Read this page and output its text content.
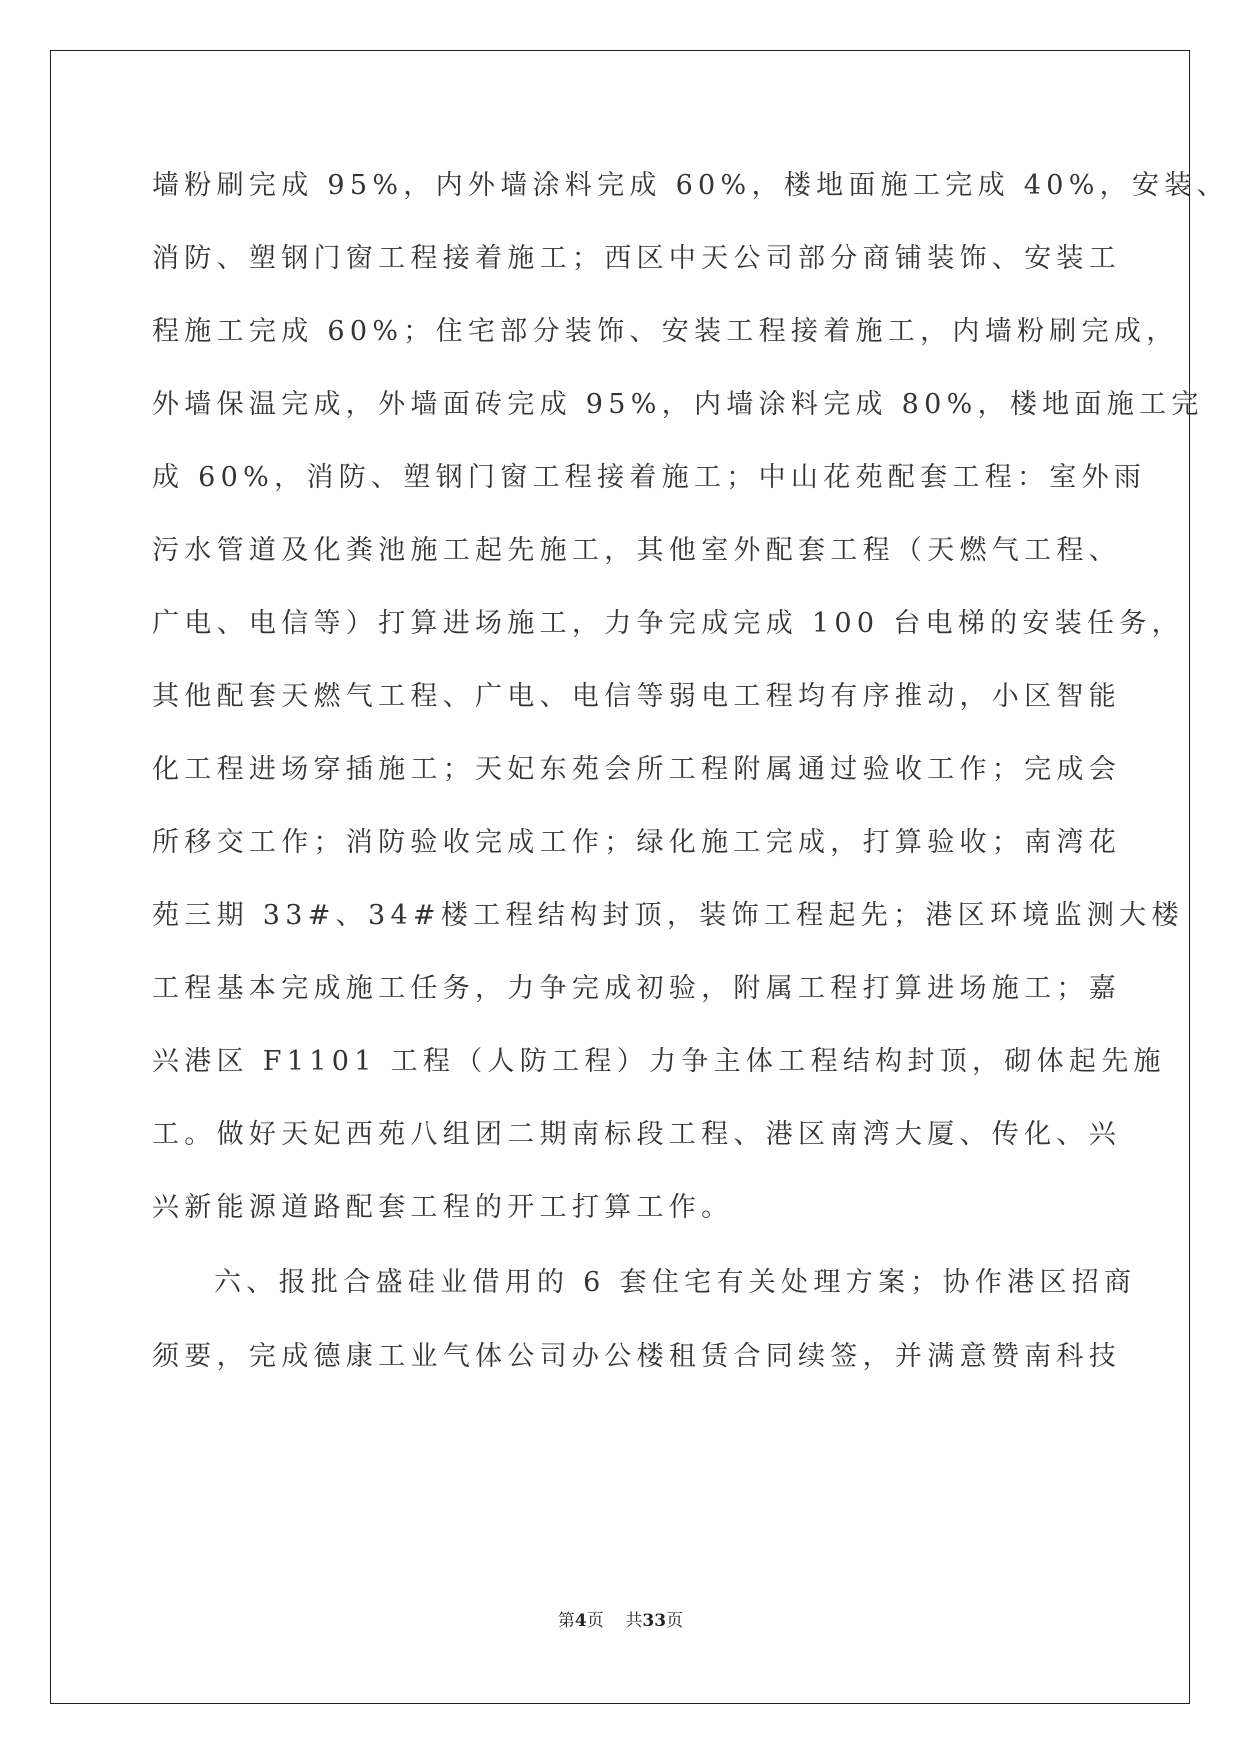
墙粉刷完成 95%，内外墙涂料完成 60%，楼地面施工完成 40%，安装、
消防、塑钢门窗工程接着施工；西区中天公司部分商铺装饰、安装工
程施工完成 60%；住宅部分装饰、安装工程接着施工，内墙粉刷完成，
外墙保温完成，外墙面砖完成 95%，内墙涂料完成 80%，楼地面施工完
成 60%，消防、塑钢门窗工程接着施工；中山花苑配套工程：室外雨
污水管道及化粪池施工起先施工，其他室外配套工程（天燃气工程、
广电、电信等）打算进场施工，力争完成完成 100 台电梯的安装任务，
其他配套天燃气工程、广电、电信等弱电工程均有序推动，小区智能
化工程进场穿插施工；天妃东苑会所工程附属通过验收工作；完成会
所移交工作；消防验收完成工作；绿化施工完成，打算验收；南湾花
苑三期 33#、34#楼工程结构封顶，装饰工程起先；港区环境监测大楼
工程基本完成施工任务，力争完成初验，附属工程打算进场施工；嘉
兴港区 F1101 工程（人防工程）力争主体工程结构封顶，砌体起先施
工。做好天妃西苑八组团二期南标段工程、港区南湾大厦、传化、兴
兴新能源道路配套工程的开工打算工作。
六、报批合盛硅业借用的 6 套住宅有关处理方案；协作港区招商
须要，完成德康工业气体公司办公楼租赁合同续签，并满意赞南科技
第4页    共33页
